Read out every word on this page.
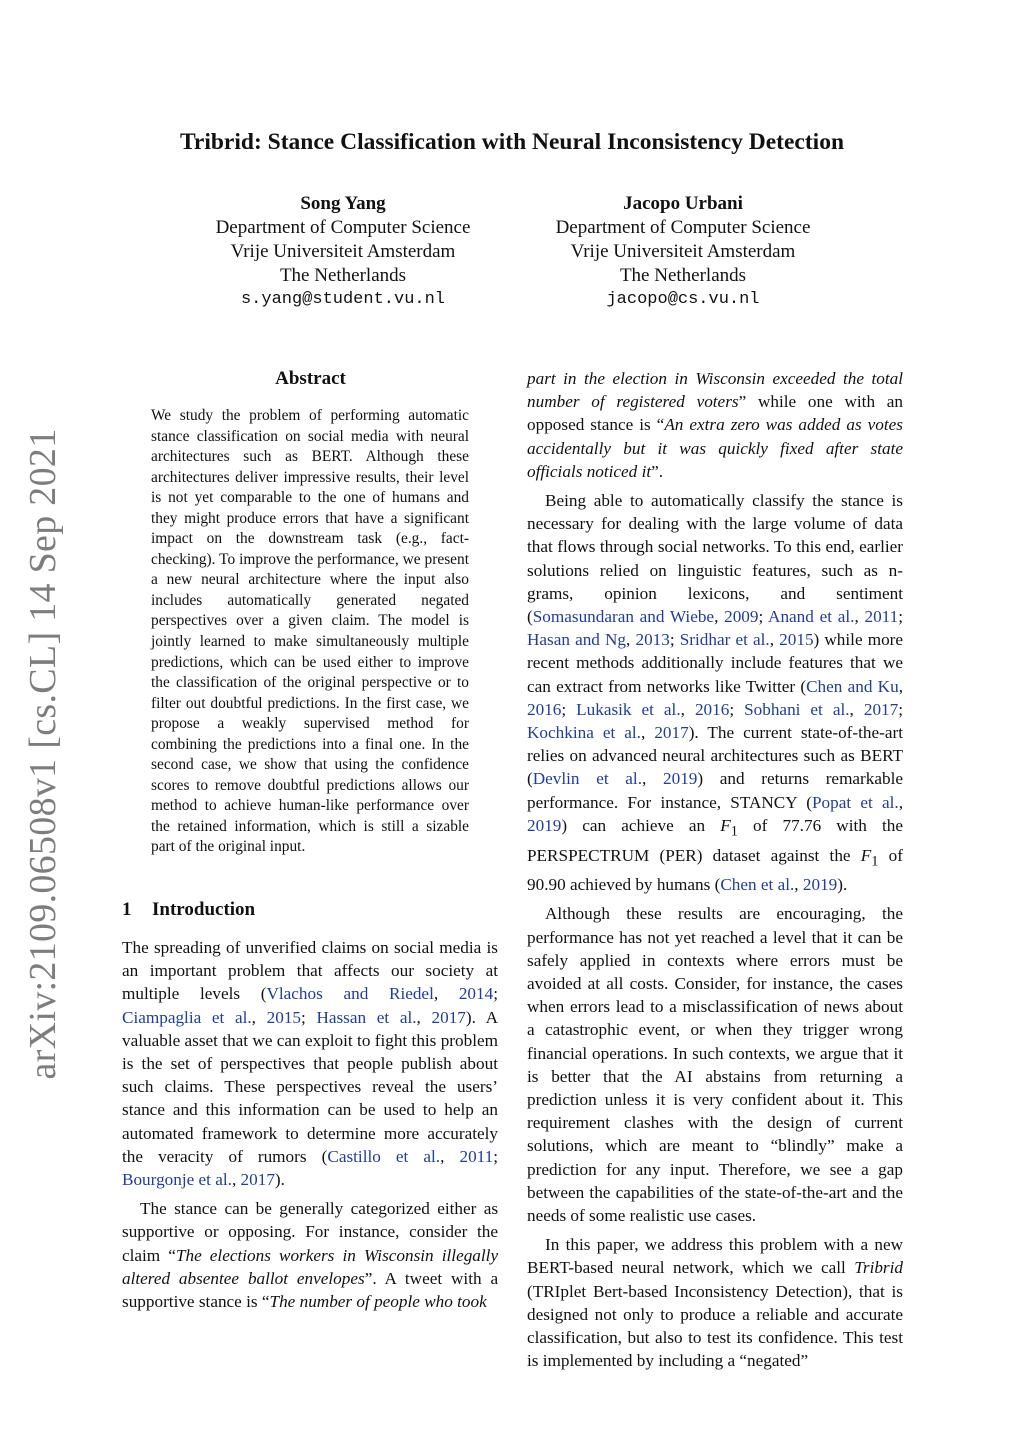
arXiv:2109.06508v1 [cs.CL] 14 Sep 2021
Tribrid: Stance Classification with Neural Inconsistency Detection
Song Yang
Department of Computer Science
Vrije Universiteit Amsterdam
The Netherlands
s.yang@student.vu.nl
Jacopo Urbani
Department of Computer Science
Vrije Universiteit Amsterdam
The Netherlands
jacopo@cs.vu.nl
Abstract

We study the problem of performing automatic stance classification on social media with neural architectures such as BERT. Although these architectures deliver impressive results, their level is not yet comparable to the one of humans and they might produce errors that have a significant impact on the downstream task (e.g., fact-checking). To improve the performance, we present a new neural architecture where the input also includes automatically generated negated perspectives over a given claim. The model is jointly learned to make simultaneously multiple predictions, which can be used either to improve the classification of the original perspective or to filter out doubtful predictions. In the first case, we propose a weakly supervised method for combining the predictions into a final one. In the second case, we show that using the confidence scores to remove doubtful predictions allows our method to achieve human-like performance over the retained information, which is still a sizable part of the original input.

1 Introduction

The spreading of unverified claims on social media is an important problem that affects our society at multiple levels (Vlachos and Riedel, 2014; Ciampaglia et al., 2015; Hassan et al., 2017). A valuable asset that we can exploit to fight this problem is the set of perspectives that people publish about such claims. These perspectives reveal the users’ stance and this information can be used to help an automated framework to determine more accurately the veracity of rumors (Castillo et al., 2011; Bourgonje et al., 2017).

The stance can be generally categorized either as supportive or opposing. For instance, consider the claim “The elections workers in Wisconsin illegally altered absentee ballot envelopes”. A tweet with a supportive stance is “The number of people who took

part in the election in Wisconsin exceeded the total number of registered voters” while one with an opposed stance is “An extra zero was added as votes accidentally but it was quickly fixed after state officials noticed it”.

Being able to automatically classify the stance is necessary for dealing with the large volume of data that flows through social networks. To this end, earlier solutions relied on linguistic features, such as n-grams, opinion lexicons, and sentiment (Somasundaran and Wiebe, 2009; Anand et al., 2011; Hasan and Ng, 2013; Sridhar et al., 2015) while more recent methods additionally include features that we can extract from networks like Twitter (Chen and Ku, 2016; Lukasik et al., 2016; Sobhani et al., 2017; Kochkina et al., 2017). The current state-of-the-art relies on advanced neural architectures such as BERT (Devlin et al., 2019) and returns remarkable performance. For instance, STANCY (Popat et al., 2019) can achieve an $F_1$ of 77.76 with the PERSPECTRUM (PER) dataset against the $F_1$ of 90.90 achieved by humans (Chen et al., 2019).

Although these results are encouraging, the performance has not yet reached a level that it can be safely applied in contexts where errors must be avoided at all costs. Consider, for instance, the cases when errors lead to a misclassification of news about a catastrophic event, or when they trigger wrong financial operations. In such contexts, we argue that it is better that the AI abstains from returning a prediction unless it is very confident about it. This requirement clashes with the design of current solutions, which are meant to “blindly” make a prediction for any input. Therefore, we see a gap between the capabilities of the state-of-the-art and the needs of some realistic use cases.

In this paper, we address this problem with a new BERT-based neural network, which we call Tribrid (TRIplet Bert-based Inconsistency Detection), that is designed not only to produce a reliable and accurate classification, but also to test its confidence. This test is implemented by including a “negated”
